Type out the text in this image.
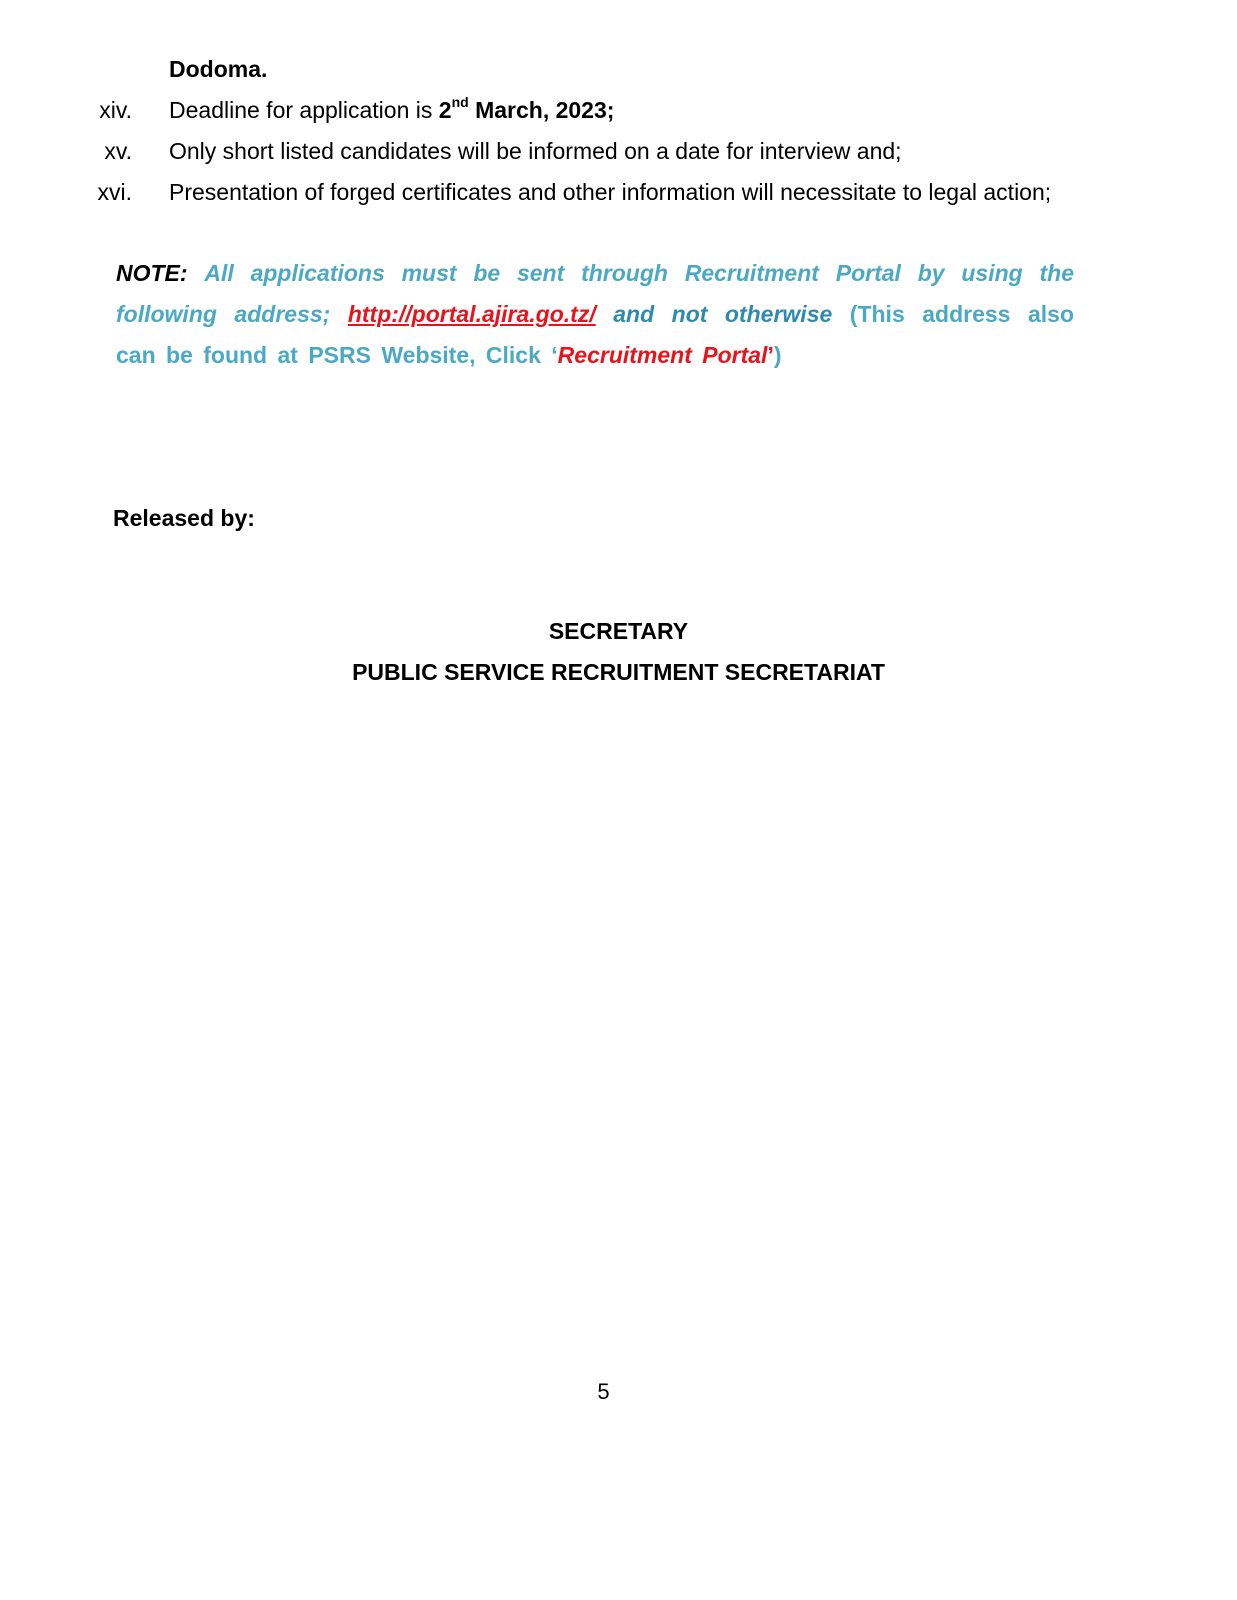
Dodoma.
xiv. Deadline for application is 2nd March, 2023;
xv. Only short listed candidates will be informed on a date for interview and;
xvi. Presentation of forged certificates and other information will necessitate to legal action;
NOTE: All applications must be sent through Recruitment Portal by using the
following address; http://portal.ajira.go.tz/ and not otherwise (This address also
can be found at PSRS Website, Click ‘Recruitment Portal’)
Released by:
SECRETARY
PUBLIC SERVICE RECRUITMENT SECRETARIAT
5
